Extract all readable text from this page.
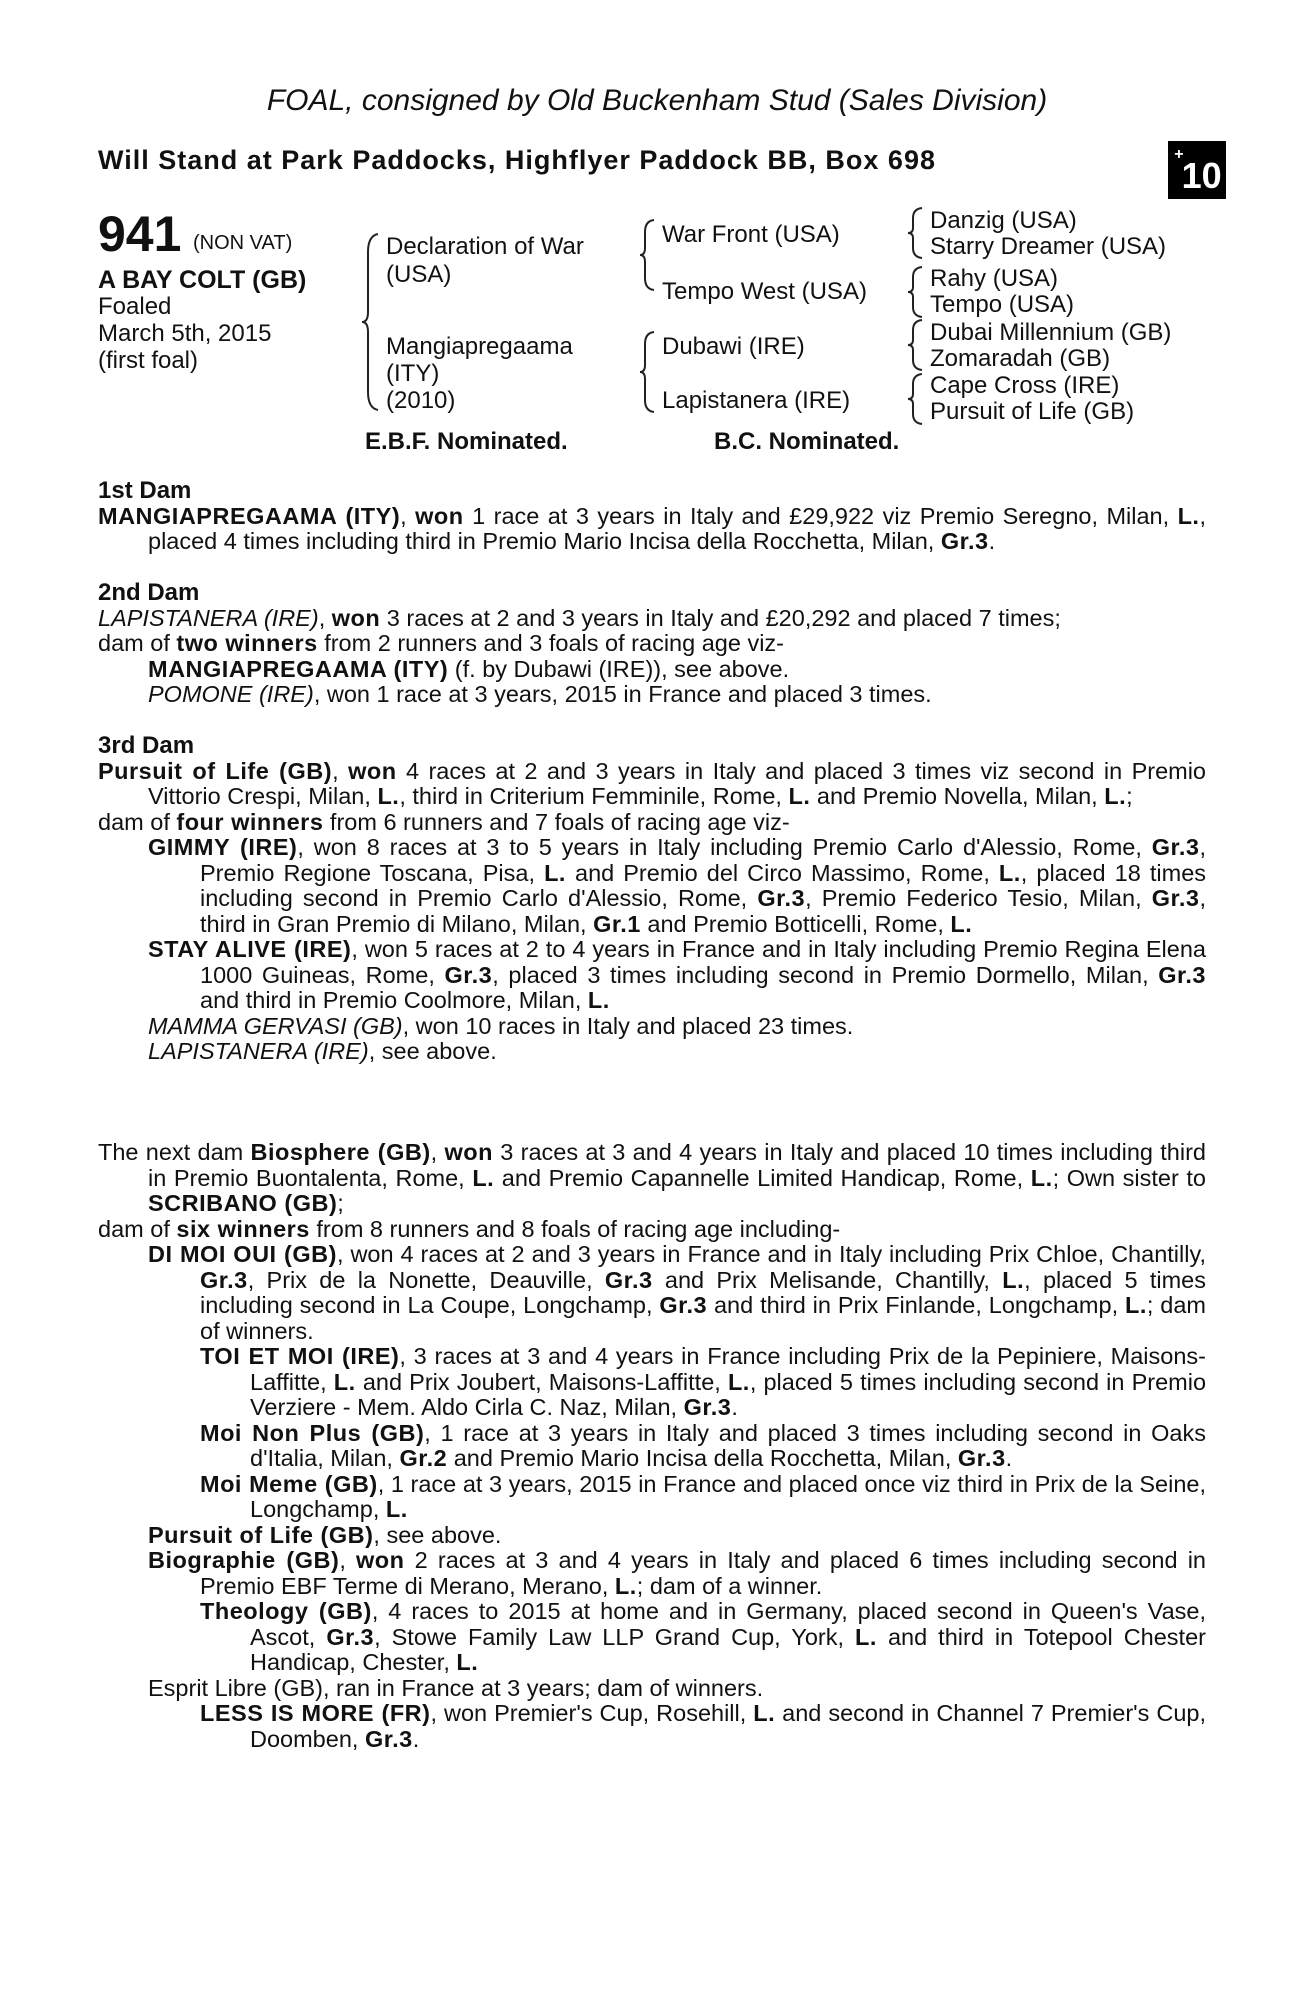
FOAL, consigned by Old Buckenham Stud (Sales Division)
Will Stand at Park Paddocks, Highflyer Paddock BB, Box 698	+10
941 (NON VAT)
A BAY COLT (GB)
Foaled
March 5th, 2015
(first foal)
Declaration of War
(USA)
Mangiapregaama
(ITY)
(2010)
War Front (USA)
Tempo West (USA)
Dubawi (IRE)
Lapistanera (IRE)
Danzig (USA)
Starry Dreamer (USA)
Rahy (USA)
Tempo (USA)
Dubai Millennium (GB)
Zomaradah (GB)
Cape Cross (IRE)
Pursuit of Life (GB)
E.B.F. Nominated.	B.C. Nominated.

1st Dam

MANGIAPREGAAMA (ITY), won 1 race at 3 years in Italy and £29,922 viz Premio Seregno, Milan, L., placed 4 times including third in Premio Mario Incisa della Rocchetta, Milan, Gr.3.

2nd Dam

LAPISTANERA (IRE), won 3 races at 2 and 3 years in Italy and £20,292 and placed 7 times;

dam of two winners from 2 runners and 3 foals of racing age viz-

MANGIAPREGAAMA (ITY) (f. by Dubawi (IRE)), see above.

POMONE (IRE), won 1 race at 3 years, 2015 in France and placed 3 times.

3rd Dam

Pursuit of Life (GB), won 4 races at 2 and 3 years in Italy and placed 3 times viz second in Premio Vittorio Crespi, Milan, L., third in Criterium Femminile, Rome, L. and Premio Novella, Milan, L.;

dam of four winners from 6 runners and 7 foals of racing age viz-

GIMMY (IRE), won 8 races at 3 to 5 years in Italy including Premio Carlo d'Alessio, Rome, Gr.3, Premio Regione Toscana, Pisa, L. and Premio del Circo Massimo, Rome, L., placed 18 times including second in Premio Carlo d'Alessio, Rome, Gr.3, Premio Federico Tesio, Milan, Gr.3, third in Gran Premio di Milano, Milan, Gr.1 and Premio Botticelli, Rome, L.

STAY ALIVE (IRE), won 5 races at 2 to 4 years in France and in Italy including Premio Regina Elena 1000 Guineas, Rome, Gr.3, placed 3 times including second in Premio Dormello, Milan, Gr.3 and third in Premio Coolmore, Milan, L.

MAMMA GERVASI (GB), won 10 races in Italy and placed 23 times.

LAPISTANERA (IRE), see above.

The next dam Biosphere (GB), won 3 races at 3 and 4 years in Italy and placed 10 times including third in Premio Buontalenta, Rome, L. and Premio Capannelle Limited Handicap, Rome, L.; Own sister to SCRIBANO (GB);

dam of six winners from 8 runners and 8 foals of racing age including-

DI MOI OUI (GB), won 4 races at 2 and 3 years in France and in Italy including Prix Chloe, Chantilly, Gr.3, Prix de la Nonette, Deauville, Gr.3 and Prix Melisande, Chantilly, L., placed 5 times including second in La Coupe, Longchamp, Gr.3 and third in Prix Finlande, Longchamp, L.; dam of winners.

TOI ET MOI (IRE), 3 races at 3 and 4 years in France including Prix de la Pepiniere, Maisons-Laffitte, L. and Prix Joubert, Maisons-Laffitte, L., placed 5 times including second in Premio Verziere - Mem. Aldo Cirla C. Naz, Milan, Gr.3.

Moi Non Plus (GB), 1 race at 3 years in Italy and placed 3 times including second in Oaks d'Italia, Milan, Gr.2 and Premio Mario Incisa della Rocchetta, Milan, Gr.3.

Moi Meme (GB), 1 race at 3 years, 2015 in France and placed once viz third in Prix de la Seine, Longchamp, L.

Pursuit of Life (GB), see above.

Biographie (GB), won 2 races at 3 and 4 years in Italy and placed 6 times including second in Premio EBF Terme di Merano, Merano, L.; dam of a winner.

Theology (GB), 4 races to 2015 at home and in Germany, placed second in Queen's Vase, Ascot, Gr.3, Stowe Family Law LLP Grand Cup, York, L. and third in Totepool Chester Handicap, Chester, L.

Esprit Libre (GB), ran in France at 3 years; dam of winners.

LESS IS MORE (FR), won Premier's Cup, Rosehill, L. and second in Channel 7 Premier's Cup, Doomben, Gr.3.
